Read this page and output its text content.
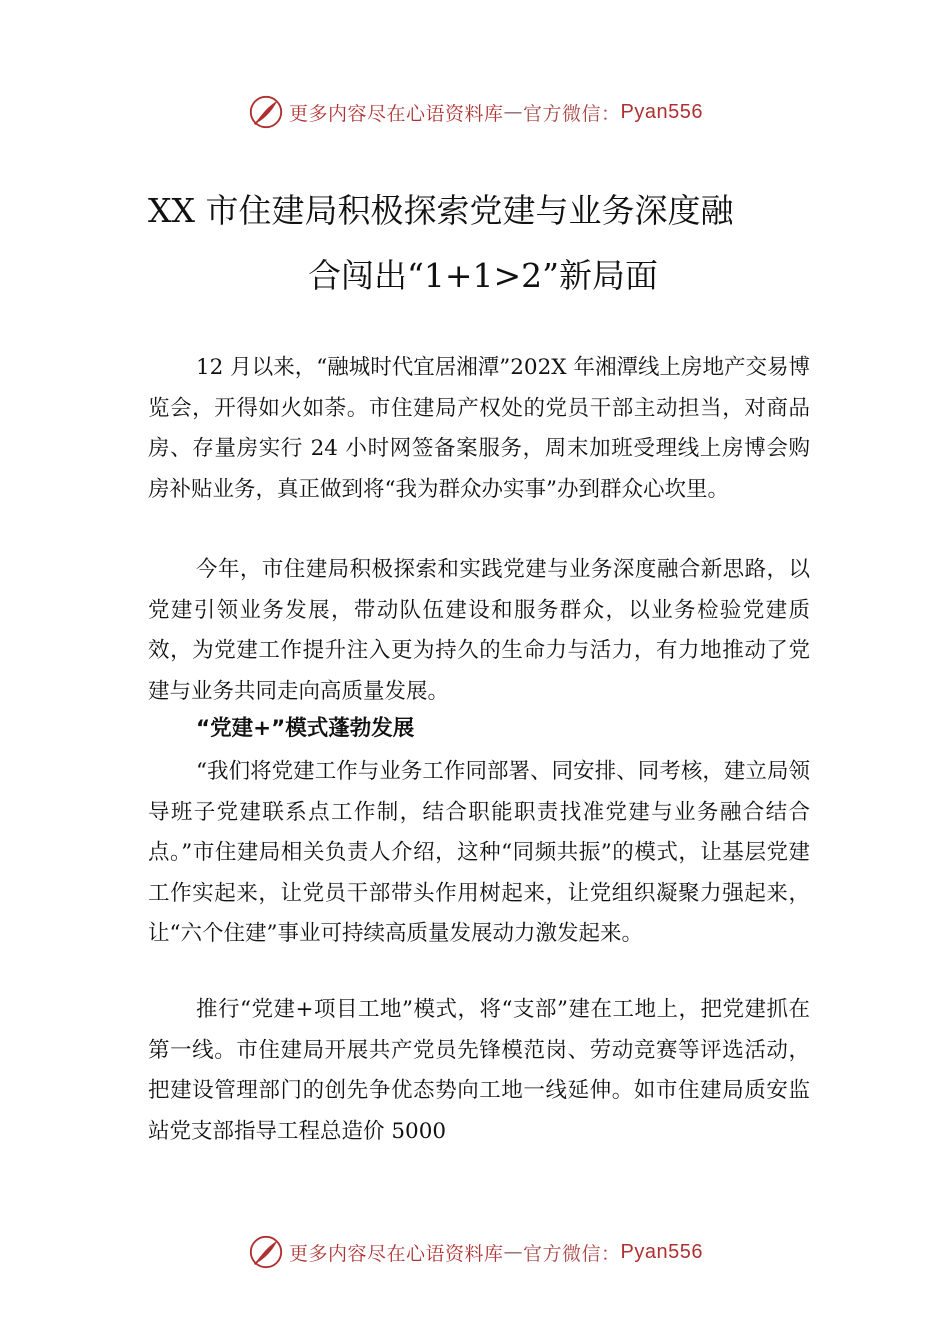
更多内容尽在心语资料库 — 官方微信： Pyan556
XX 市住建局积极探索党建与业务深度融
合闯出“1+1>2”新局面

12 月以来，“融城时代宜居湘潭”202X 年湘潭线上房地产交易博览会，开得如火如荼。市住建局产权处的党员干部主动担当，对商品房、存量房实行 24 小时网签备案服务，周末加班受理线上房博会购房补贴业务，真正做到将“我为群众办实事”办到群众心坎里。

今年，市住建局积极探索和实践党建与业务深度融合新思路，以党建引领业务发展，带动队伍建设和服务群众，以业务检验党建质效，为党建工作提升注入更为持久的生命力与活力，有力地推动了党建与业务共同走向高质量发展。

“党建+”模式蓬勃发展

“我们将党建工作与业务工作同部署、同安排、同考核，建立局领导班子党建联系点工作制，结合职能职责找准党建与业务融合结合点。”市住建局相关负责人介绍，这种“同频共振”的模式，让基层党建工作实起来，让党员干部带头作用树起来，让党组织凝聚力强起来，让“六个住建”事业可持续高质量发展动力激发起来。

推行“党建+项目工地”模式，将“支部”建在工地上，把党建抓在第一线。市住建局开展共产党员先锋模范岗、劳动竞赛等评选活动，把建设管理部门的创先争优态势向工地一线延伸。如市住建局质安监站党支部指导工程总造价 5000

更多内容尽在心语资料库 — 官方微信： Pyan556
